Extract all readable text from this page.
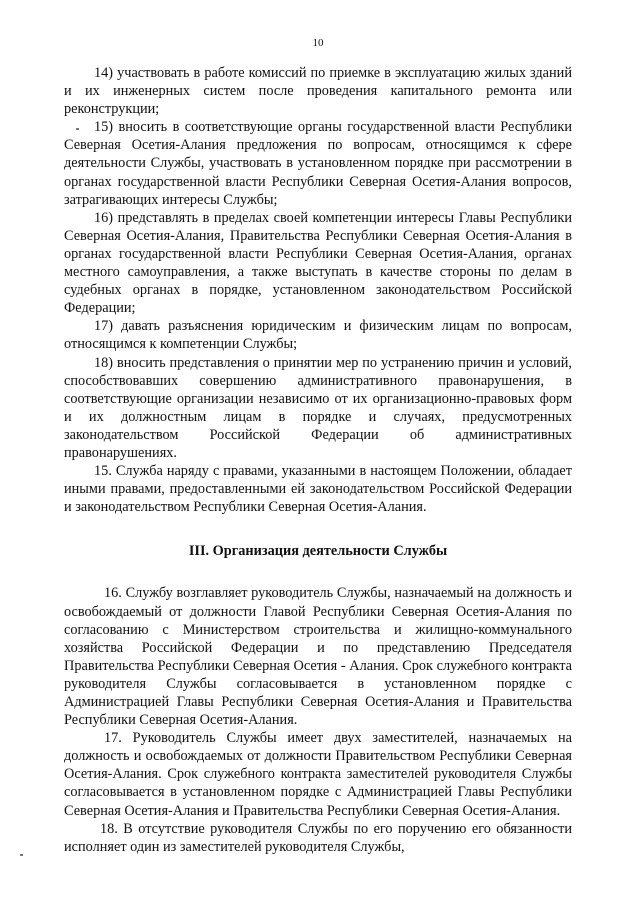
10

14) участвовать в работе комиссий по приемке в эксплуатацию жилых зданий и их инженерных систем после проведения капитального ремонта или реконструкции;

15) вносить в соответствующие органы государственной власти Республики Северная Осетия-Алания предложения по вопросам, относящимся к сфере деятельности Службы, участвовать в установленном порядке при рассмотрении в органах государственной власти Республики Северная Осетия-Алания вопросов, затрагивающих интересы Службы;

16) представлять в пределах своей компетенции интересы Главы Республики Северная Осетия-Алания, Правительства Республики Северная Осетия-Алания в органах государственной власти Республики Северная Осетия-Алания, органах местного самоуправления, а также выступать в качестве стороны по делам в судебных органах в порядке, установленном законодательством Российской Федерации;

17) давать разъяснения юридическим и физическим лицам по вопросам, относящимся к компетенции Службы;

18) вносить представления о принятии мер по устранению причин и условий, способствовавших совершению административного правонарушения, в соответствующие организации независимо от их организационно-правовых форм и их должностным лицам в порядке и случаях, предусмотренных законодательством Российской Федерации об административных правонарушениях.

15. Служба наряду с правами, указанными в настоящем Положении, обладает иными правами, предоставленными ей законодательством Российской Федерации и законодательством Республики Северная Осетия-Алания.

III. Организация деятельности Службы

16. Службу возглавляет руководитель Службы, назначаемый на должность и освобождаемый от должности Главой Республики Северная Осетия-Алания по согласованию с Министерством строительства и жилищно-коммунального хозяйства Российской Федерации и по представлению Председателя Правительства Республики Северная Осетия - Алания. Срок служебного контракта руководителя Службы согласовывается в установленном порядке с Администрацией Главы Республики Северная Осетия-Алания и Правительства Республики Северная Осетия-Алания.

17. Руководитель Службы имеет двух заместителей, назначаемых на должность и освобождаемых от должности Правительством Республики Северная Осетия-Алания. Срок служебного контракта заместителей руководителя Службы согласовывается в установленном порядке с Администрацией Главы Республики Северная Осетия-Алания и Правительства Республики Северная Осетия-Алания.

18. В отсутствие руководителя Службы по его поручению его обязанности исполняет один из заместителей руководителя Службы,
